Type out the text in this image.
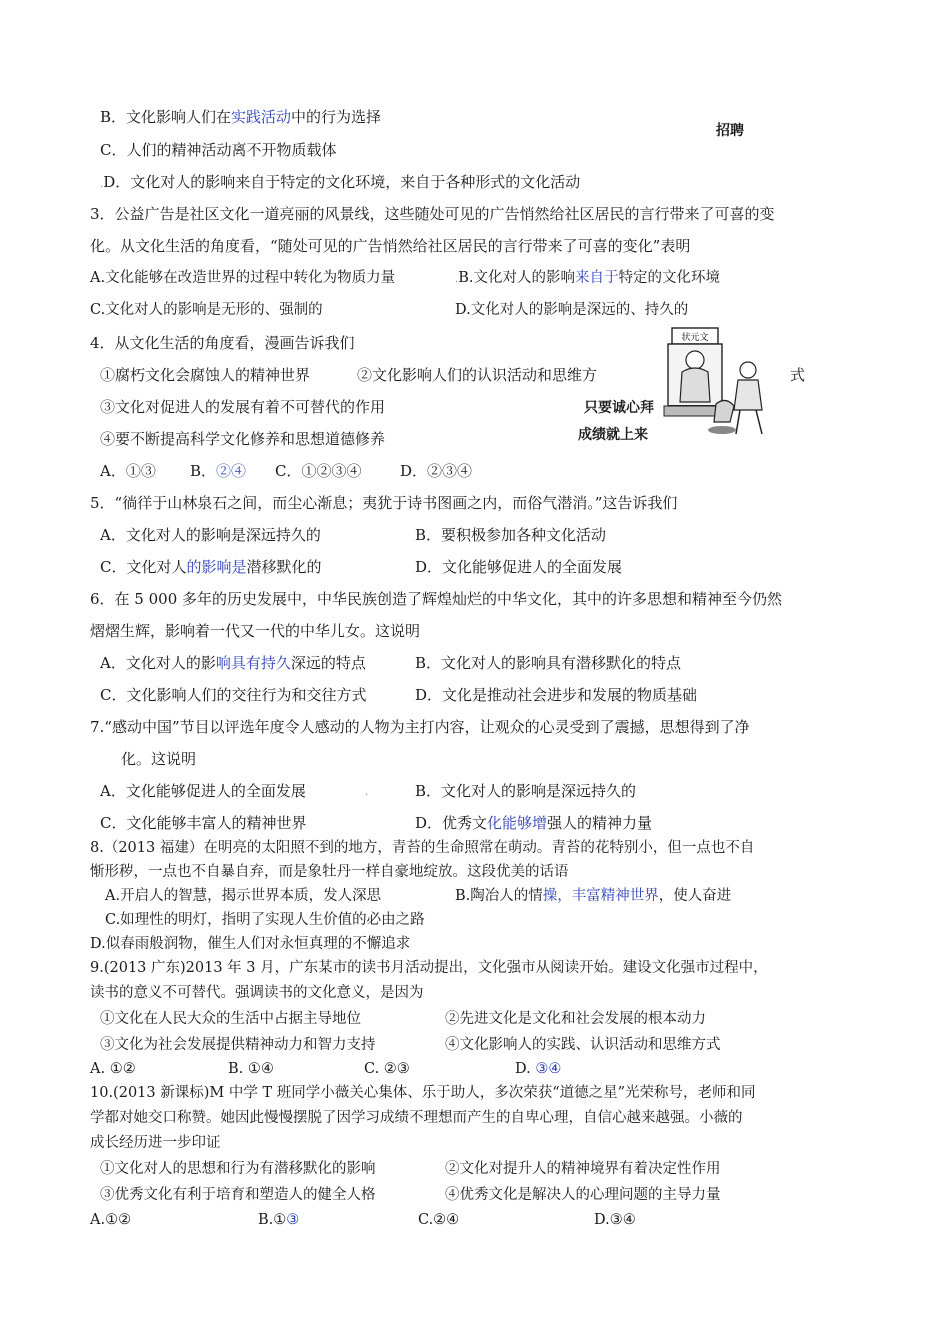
B．文化影响人们在实践活动中的行为选择
招聘
C．人们的精神活动离不开物质载体
.D．文化对人的影响来自于特定的文化环境，来自于各种形式的文化活动
3．公益广告是社区文化一道亮丽的风景线，这些随处可见的广告悄然给社区居民的言行带来了可喜的变
化。从文化生活的角度看，“随处可见的广告悄然给社区居民的言行带来了可喜的变化”表明
A.文化能够在改造世界的过程中转化为物质力量	.B.文化对人的影响来自于特定的文化环境
C.文化对人的影响是无形的、强制的	D.文化对人的影响是深远的、持久的
4．从文化生活的角度看，漫画告诉我们
①腐朽文化会腐蚀人的精神世界	②文化影响人们的认识活动和思维方	式
③文化对促进人的发展有着不可替代的作用
④要不断提高科学文化修养和思想道德修养
A．①③ B．②④ C．①②③④	D．②③④
状元文
只要诚心拜
成绩就上来
5．“徜徉于山林泉石之间，而尘心渐息；夷犹于诗书图画之内，而俗气潜消。”这告诉我们
A．文化对人的影响是深远持久的	B．要积极参加各种文化活动
C．文化对人的影响是潜移默化的	D．文化能够促进人的全面发展
6．在 5 000 多年的历史发展中，中华民族创造了辉煌灿烂的中华文化，其中的许多思想和精神至今仍然
熠熠生辉，影响着一代又一代的中华儿女。这说明
A．文化对人的影响具有持久深远的特点	B．文化对人的影响具有潜移默化的特点
C．文化影响人们的交往行为和交往方式	D．文化是推动社会进步和发展的物质基础
7.“感动中国”节目以评选年度令人感动的人物为主打内容，让观众的心灵受到了震撼，思想得到了净
化。这说明
A．文化能够促进人的全面发展	.	B．文化对人的影响是深远持久的
C．文化能够丰富人的精神世界	D．优秀文化能够增强人的精神力量
8.（2013 福建）在明亮的太阳照不到的地方，青苔的生命照常在萌动。青苔的花特别小，但一点也不自
惭形秽，一点也不自暴自弃，而是象牡丹一样自豪地绽放。这段优美的话语
A.开启人的智慧，揭示世界本质，发人深思	B.陶冶人的情操，丰富精神世界，使人奋进
C.如理性的明灯，指明了实现人生价值的必由之路
D.似春雨般润物，催生人们对永恒真理的不懈追求
9.(2013 广东)2013 年 3 月，广东某市的读书月活动提出，文化强市从阅读开始。建设文化强市过程中，
读书的意义不可替代。强调读书的文化意义，是因为
①文化在人民大众的生活中占据主导地位	②先进文化是文化和社会发展的根本动力
③文化为社会发展提供精神动力和智力支持	④文化影响人的实践、认识活动和思维方式
A. ①②	B. ①④	C. ②③	D. ③④
10.(2013 新课标)M 中学 T 班同学小薇关心集体、乐于助人，多次荣获“道德之星”光荣称号，老师和同
学都对她交口称赞。她因此慢慢摆脱了因学习成绩不理想而产生的自卑心理，自信心越来越强。小薇的
成长经历进一步印证
①文化对人的思想和行为有潜移默化的影响	②文化对提升人的精神境界有着决定性作用
③优秀文化有利于培育和塑造人的健全人格	④优秀文化是解决人的心理问题的主导力量
A.①②	B.①③	C.②④	D.③④
